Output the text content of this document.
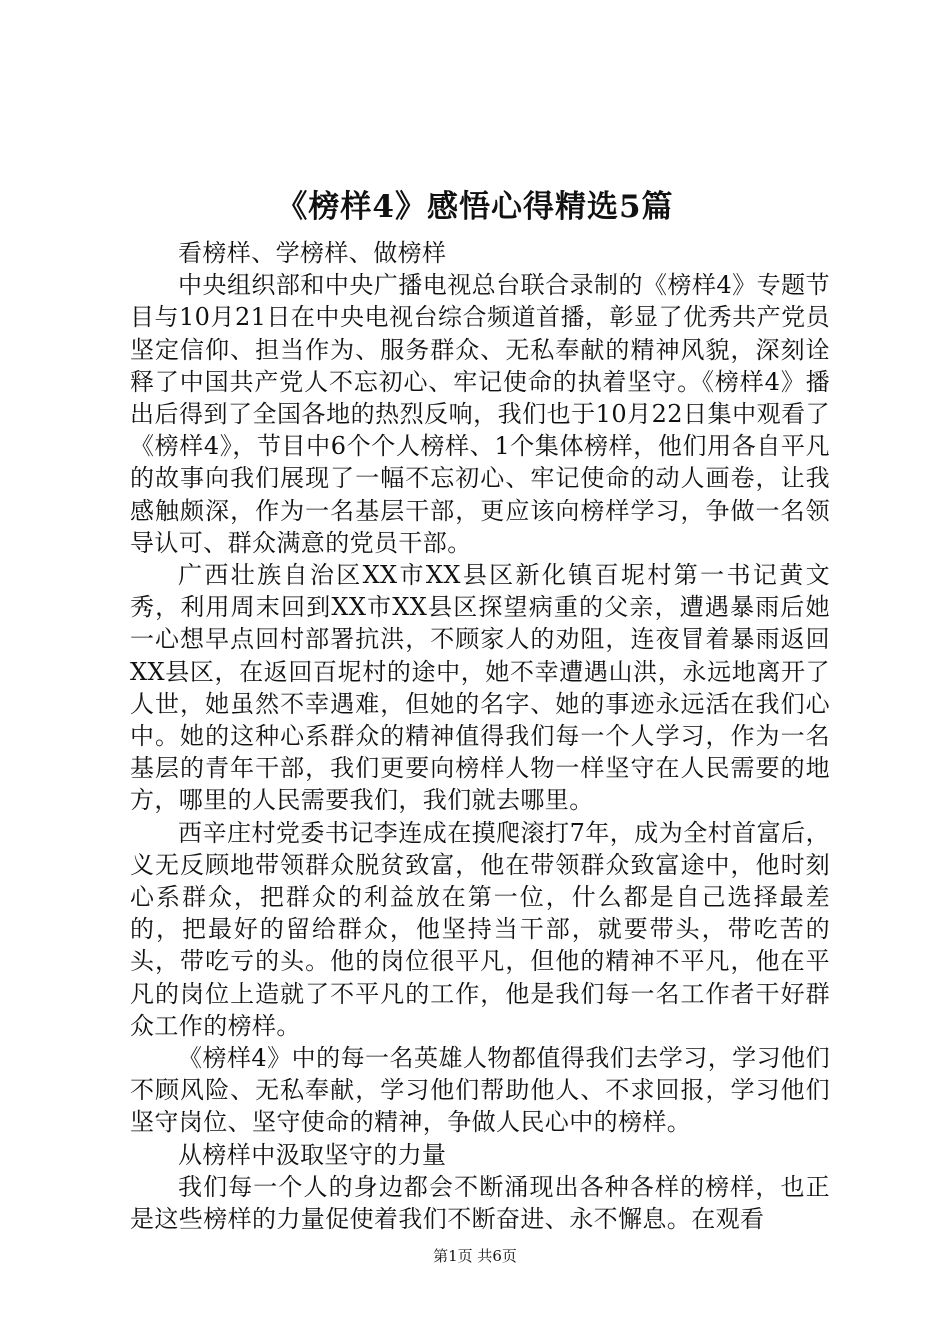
《榜样4》感悟心得精选5篇

看榜样、学榜样、做榜样

中央组织部和中央广播电视总台联合录制的《榜样4》专题节目与10月21日在中央电视台综合频道首播，彰显了优秀共产党员坚定信仰、担当作为、服务群众、无私奉献的精神风貌，深刻诠释了中国共产党人不忘初心、牢记使命的执着坚守。《榜样4》播出后得到了全国各地的热烈反响，我们也于10月22日集中观看了《榜样4》，节目中6个个人榜样、1个集体榜样，他们用各自平凡的故事向我们展现了一幅不忘初心、牢记使命的动人画卷，让我感触颇深，作为一名基层干部，更应该向榜样学习，争做一名领导认可、群众满意的党员干部。

广西壮族自治区XX市XX县区新化镇百坭村第一书记黄文秀，利用周末回到XX市XX县区探望病重的父亲，遭遇暴雨后她一心想早点回村部署抗洪，不顾家人的劝阻，连夜冒着暴雨返回XX县区，在返回百坭村的途中，她不幸遭遇山洪，永远地离开了人世，她虽然不幸遇难，但她的名字、她的事迹永远活在我们心中。她的这种心系群众的精神值得我们每一个人学习，作为一名基层的青年干部，我们更要向榜样人物一样坚守在人民需要的地方，哪里的人民需要我们，我们就去哪里。

西辛庄村党委书记李连成在摸爬滚打7年，成为全村首富后，义无反顾地带领群众脱贫致富，他在带领群众致富途中，他时刻心系群众，把群众的利益放在第一位，什么都是自己选择最差的，把最好的留给群众，他坚持当干部，就要带头，带吃苦的头，带吃亏的头。他的岗位很平凡，但他的精神不平凡，他在平凡的岗位上造就了不平凡的工作，他是我们每一名工作者干好群众工作的榜样。

《榜样4》中的每一名英雄人物都值得我们去学习，学习他们不顾风险、无私奉献，学习他们帮助他人、不求回报，学习他们坚守岗位、坚守使命的精神，争做人民心中的榜样。

从榜样中汲取坚守的力量

我们每一个人的身边都会不断涌现出各种各样的榜样，也正是这些榜样的力量促使着我们不断奋进、永不懈息。在观看

第1页 共6页
